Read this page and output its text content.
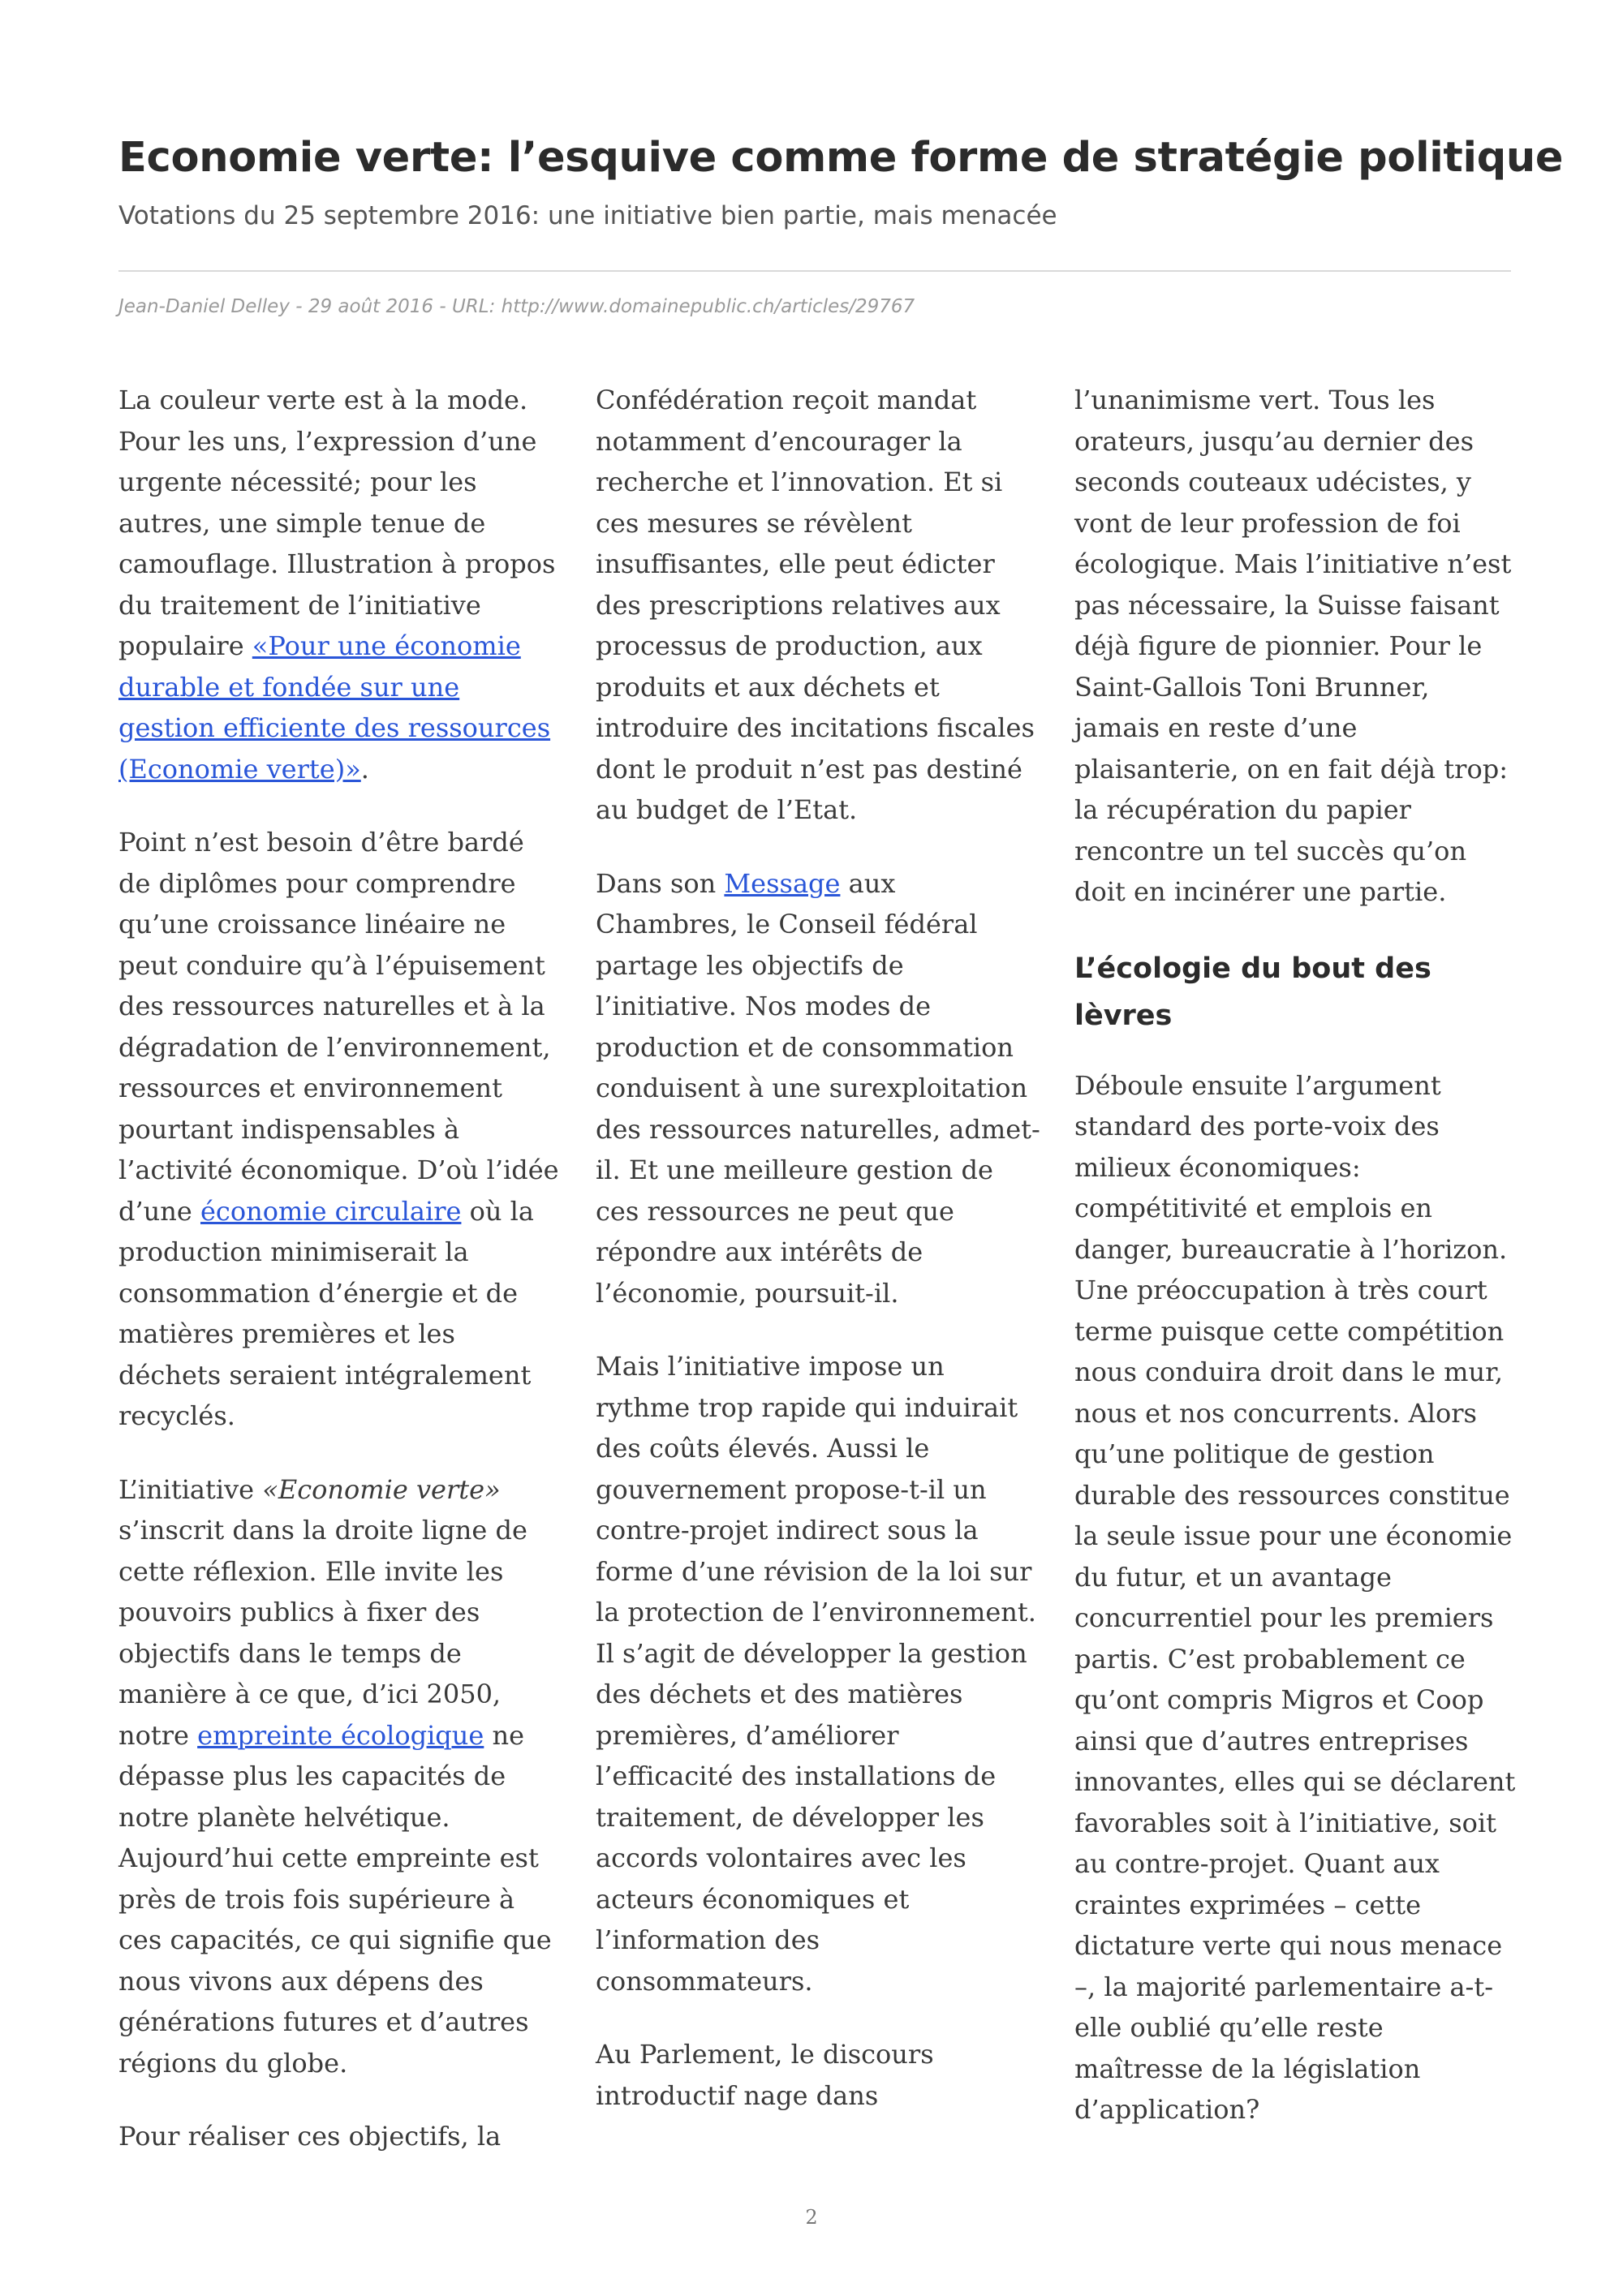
Economie verte: l’esquive comme forme de stratégie politique
Votations du 25 septembre 2016: une initiative bien partie, mais menacée
Jean-Daniel Delley - 29 août 2016 - URL: http://www.domainepublic.ch/articles/29767

La couleur verte est à la mode. Pour les uns, l’expression d’une urgente nécessité; pour les autres, une simple tenue de camouflage. Illustration à propos du traitement de l’initiative populaire «Pour une économie durable et fondée sur une gestion efficiente des ressources (Economie verte)».

Point n’est besoin d’être bardé de diplômes pour comprendre qu’une croissance linéaire ne peut conduire qu’à l’épuisement des ressources naturelles et à la dégradation de l’environnement, ressources et environnement pourtant indispensables à l’activité économique. D’où l’idée d’une économie circulaire où la production minimiserait la consommation d’énergie et de matières premières et les déchets seraient intégralement recyclés.

L’initiative «Economie verte» s’inscrit dans la droite ligne de cette réflexion. Elle invite les pouvoirs publics à fixer des objectifs dans le temps de manière à ce que, d’ici 2050, notre empreinte écologique ne dépasse plus les capacités de notre planète helvétique. Aujourd’hui cette empreinte est près de trois fois supérieure à ces capacités, ce qui signifie que nous vivons aux dépens des générations futures et d’autres régions du globe.

Pour réaliser ces objectifs, la

Confédération reçoit mandat notamment d’encourager la recherche et l’innovation. Et si ces mesures se révèlent insuffisantes, elle peut édicter des prescriptions relatives aux processus de production, aux produits et aux déchets et introduire des incitations fiscales dont le produit n’est pas destiné au budget de l’Etat.

Dans son Message aux Chambres, le Conseil fédéral partage les objectifs de l’initiative. Nos modes de production et de consommation conduisent à une surexploitation des ressources naturelles, admet-il. Et une meilleure gestion de ces ressources ne peut que répondre aux intérêts de l’économie, poursuit-il.

Mais l’initiative impose un rythme trop rapide qui induirait des coûts élevés. Aussi le gouvernement propose-t-il un contre-projet indirect sous la forme d’une révision de la loi sur la protection de l’environnement. Il s’agit de développer la gestion des déchets et des matières premières, d’améliorer l’efficacité des installations de traitement, de développer les accords volontaires avec les acteurs économiques et l’information des consommateurs.

Au Parlement, le discours introductif nage dans

l’unanimisme vert. Tous les orateurs, jusqu’au dernier des seconds couteaux udécistes, y vont de leur profession de foi écologique. Mais l’initiative n’est pas nécessaire, la Suisse faisant déjà figure de pionnier. Pour le Saint-Gallois Toni Brunner, jamais en reste d’une plaisanterie, on en fait déjà trop: la récupération du papier rencontre un tel succès qu’on doit en incinérer une partie.

L’écologie du bout des lèvres

Déboule ensuite l’argument standard des porte-voix des milieux économiques: compétitivité et emplois en danger, bureaucratie à l’horizon. Une préoccupation à très court terme puisque cette compétition nous conduira droit dans le mur, nous et nos concurrents. Alors qu’une politique de gestion durable des ressources constitue la seule issue pour une économie du futur, et un avantage concurrentiel pour les premiers partis. C’est probablement ce qu’ont compris Migros et Coop ainsi que d’autres entreprises innovantes, elles qui se déclarent favorables soit à l’initiative, soit au contre-projet. Quant aux craintes exprimées – cette dictature verte qui nous menace –, la majorité parlementaire a-t-elle oublié qu’elle reste maîtresse de la législation d’application?

2
